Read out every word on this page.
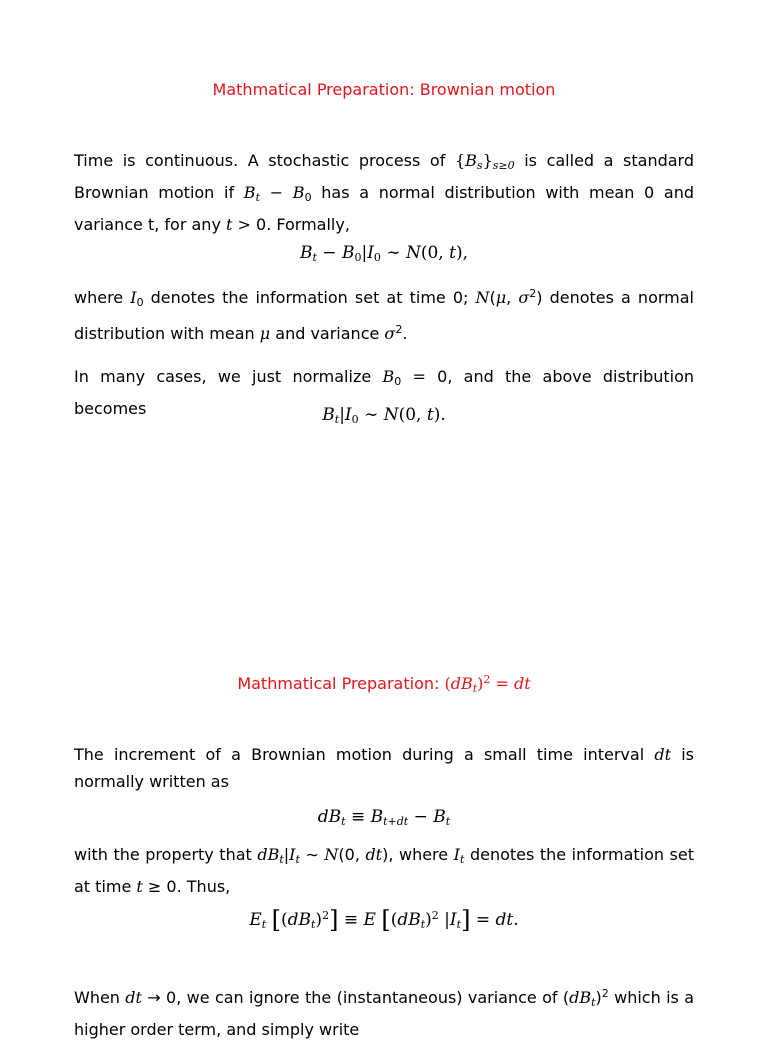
Mathmatical Preparation: Brownian motion
Time is continuous. A stochastic process of $\{B_s\}_{s\ge 0}$ is called a standard Brownian motion if $B_t - B_0$ has a normal distribution with mean 0 and variance t, for any t > 0. Formally,
$B_t - B_0|I_0$ ∼ N(0, t),
where $I_0$ denotes the information set at time 0; N(μ, $\sigma^2$) denotes a normal distribution with mean μ and variance $\sigma^2$.
In many cases, we just normalize $B_0 = 0$, and the above distribution becomes	$B_t|I_0$ ∼ N(0, t).
Mathmatical Preparation: $(dB_t)^2$ = dt
The increment of a Brownian motion during a small time interval dt is normally written as
$dB_t \equiv B_{t+dt} - B_t$
with the property that $dB_t|I_t$ ∼ N(0, dt), where $I_t$ denotes the information set at time t ≥ 0. Thus,
$E_t$ $[(dB_t)^2] \equiv E$ [$(dB_t)^2$ $|I_t$] = dt.
When dt → 0, we can ignore the (instantaneous) variance of $(dB_t)^2$ which is a higher order term, and simply write
